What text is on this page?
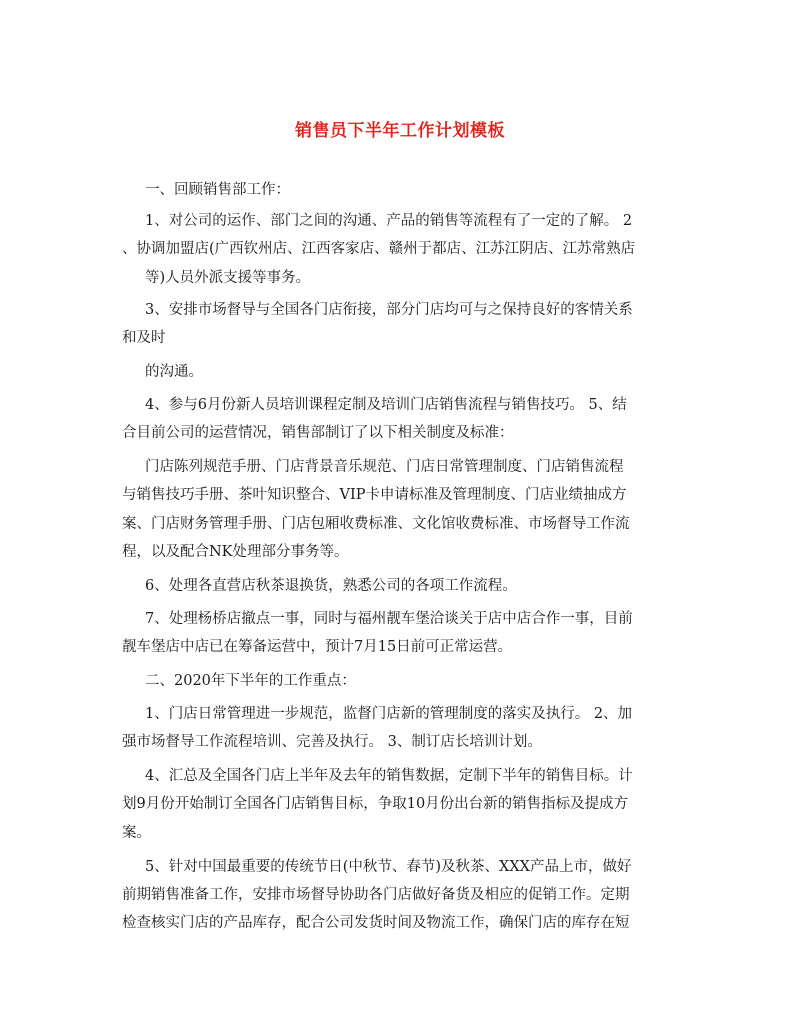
销售员下半年工作计划模板
一、回顾销售部工作：
1、对公司的运作、部门之间的沟通、产品的销售等流程有了一定的了解。 2
、协调加盟店(广西钦州店、江西客家店、赣州于都店、江苏江阴店、江苏常熟店
等)人员外派支援等事务。
3、安排市场督导与全国各门店衔接，部分门店均可与之保持良好的客情关系
和及时
的沟通。
4、参与6月份新人员培训课程定制及培训门店销售流程与销售技巧。 5、结
合目前公司的运营情况，销售部制订了以下相关制度及标准：
门店陈列规范手册、门店背景音乐规范、门店日常管理制度、门店销售流程
与销售技巧手册、茶叶知识整合、VIP卡申请标准及管理制度、门店业绩抽成方
案、门店财务管理手册、门店包厢收费标准、文化馆收费标准、市场督导工作流
程，以及配合NK处理部分事务等。
6、处理各直营店秋茶退换货，熟悉公司的各项工作流程。
7、处理杨桥店撤点一事，同时与福州靓车堡洽谈关于店中店合作一事，目前
靓车堡店中店已在筹备运营中，预计7月15日前可正常运营。
二、2020年下半年的工作重点：
1、门店日常管理进一步规范，监督门店新的管理制度的落实及执行。 2、加
强市场督导工作流程培训、完善及执行。 3、制订店长培训计划。
4、汇总及全国各门店上半年及去年的销售数据，定制下半年的销售目标。计
划9月份开始制订全国各门店销售目标，争取10月份出台新的销售指标及提成方
案。
5、针对中国最重要的传统节日(中秋节、春节)及秋茶、XXX产品上市，做好
前期销售准备工作，安排市场督导协助各门店做好备货及相应的促销工作。定期
检查核实门店的产品库存，配合公司发货时间及物流工作，确保门店的库存在短
